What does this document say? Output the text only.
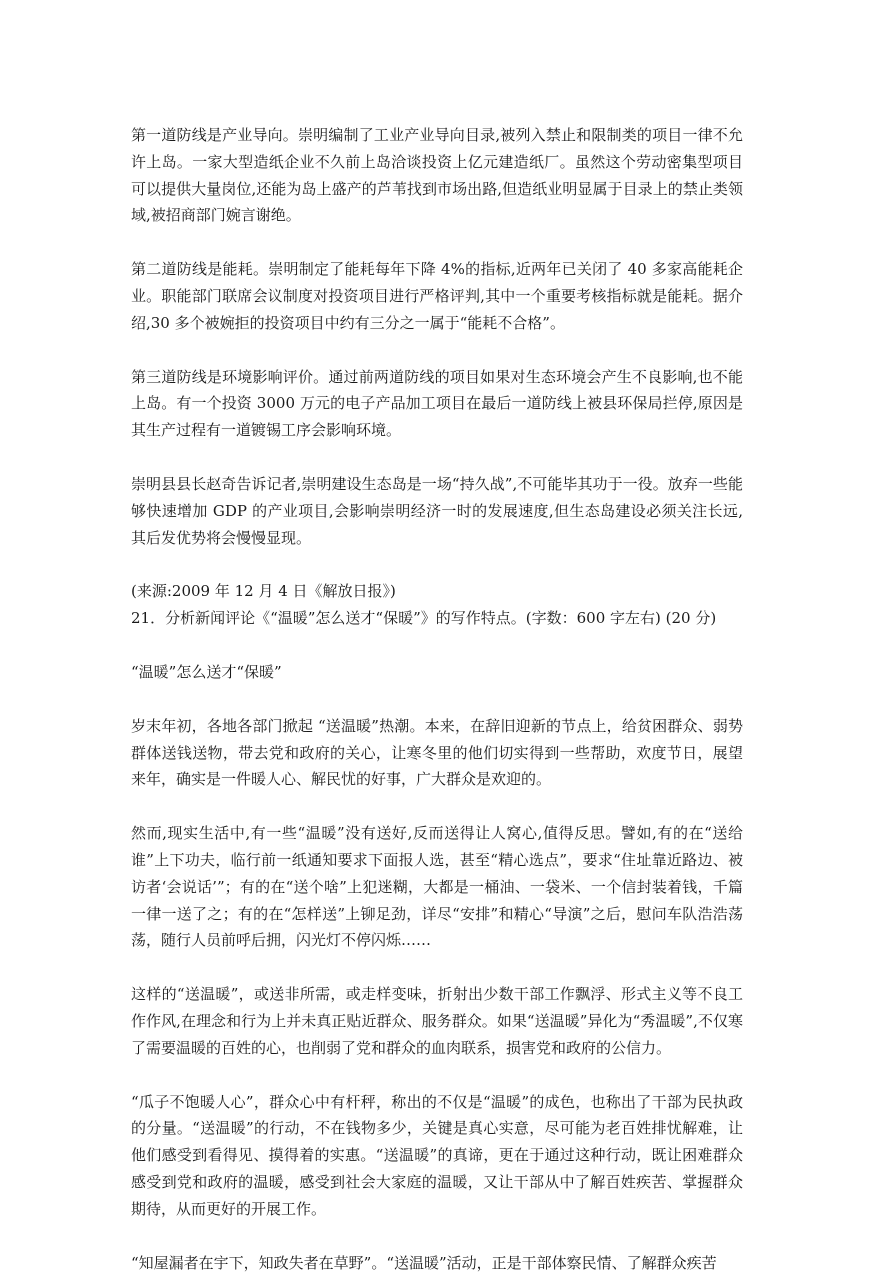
第一道防线是产业导向。崇明编制了工业产业导向目录,被列入禁止和限制类的项目一律不允许上岛。一家大型造纸企业不久前上岛洽谈投资上亿元建造纸厂。虽然这个劳动密集型项目可以提供大量岗位,还能为岛上盛产的芦苇找到市场出路,但造纸业明显属于目录上的禁止类领域,被招商部门婉言谢绝。

第二道防线是能耗。崇明制定了能耗每年下降 4%的指标,近两年已关闭了 40 多家高能耗企业。职能部门联席会议制度对投资项目进行严格评判,其中一个重要考核指标就是能耗。据介绍,30 多个被婉拒的投资项目中约有三分之一属于“能耗不合格”。

第三道防线是环境影响评价。通过前两道防线的项目如果对生态环境会产生不良影响,也不能上岛。有一个投资 3000 万元的电子产品加工项目在最后一道防线上被县环保局拦停,原因是其生产过程有一道镀锡工序会影响环境。

崇明县县长赵奇告诉记者,崇明建设生态岛是一场“持久战”,不可能毕其功于一役。放弃一些能够快速增加 GDP 的产业项目,会影响崇明经济一时的发展速度,但生态岛建设必须关注长远,其后发优势将会慢慢显现。

(来源:2009 年 12 月 4 日《解放日报》)

21．分析新闻评论《“温暖”怎么送才“保暖”》的写作特点。(字数：600 字左右) (20 分)

“温暖”怎么送才“保暖”

岁末年初，各地各部门掀起 “送温暖”热潮。本来，在辞旧迎新的节点上，给贫困群众、弱势群体送钱送物，带去党和政府的关心，让寒冬里的他们切实得到一些帮助，欢度节日，展望来年，确实是一件暖人心、解民忧的好事，广大群众是欢迎的。

然而,现实生活中,有一些“温暖”没有送好,反而送得让人窝心,值得反思。譬如,有的在“送给谁”上下功夫，临行前一纸通知要求下面报人选，甚至“精心选点”，要求“住址靠近路边、被访者‘会说话’”；有的在“送个啥”上犯迷糊，大都是一桶油、一袋米、一个信封装着钱，千篇一律一送了之；有的在“怎样送”上铆足劲，详尽“安排”和精心“导演”之后，慰问车队浩浩荡荡，随行人员前呼后拥，闪光灯不停闪烁……

这样的“送温暖”，或送非所需，或走样变味，折射出少数干部工作飘浮、形式主义等不良工作作风,在理念和行为上并未真正贴近群众、服务群众。如果“送温暖”异化为“秀温暖”,不仅寒了需要温暖的百姓的心，也削弱了党和群众的血肉联系，损害党和政府的公信力。

“瓜子不饱暖人心”，群众心中有杆秤，称出的不仅是“温暖”的成色，也称出了干部为民执政的分量。“送温暖”的行动，不在钱物多少，关键是真心实意，尽可能为老百姓排忧解难，让他们感受到看得见、摸得着的实惠。“送温暖”的真谛，更在于通过这种行动，既让困难群众感受到党和政府的温暖，感受到社会大家庭的温暖，又让干部从中了解百姓疾苦、掌握群众期待，从而更好的开展工作。

“知屋漏者在宇下，知政失者在草野”。“送温暖”活动，正是干部体察民情、了解群众疾苦
